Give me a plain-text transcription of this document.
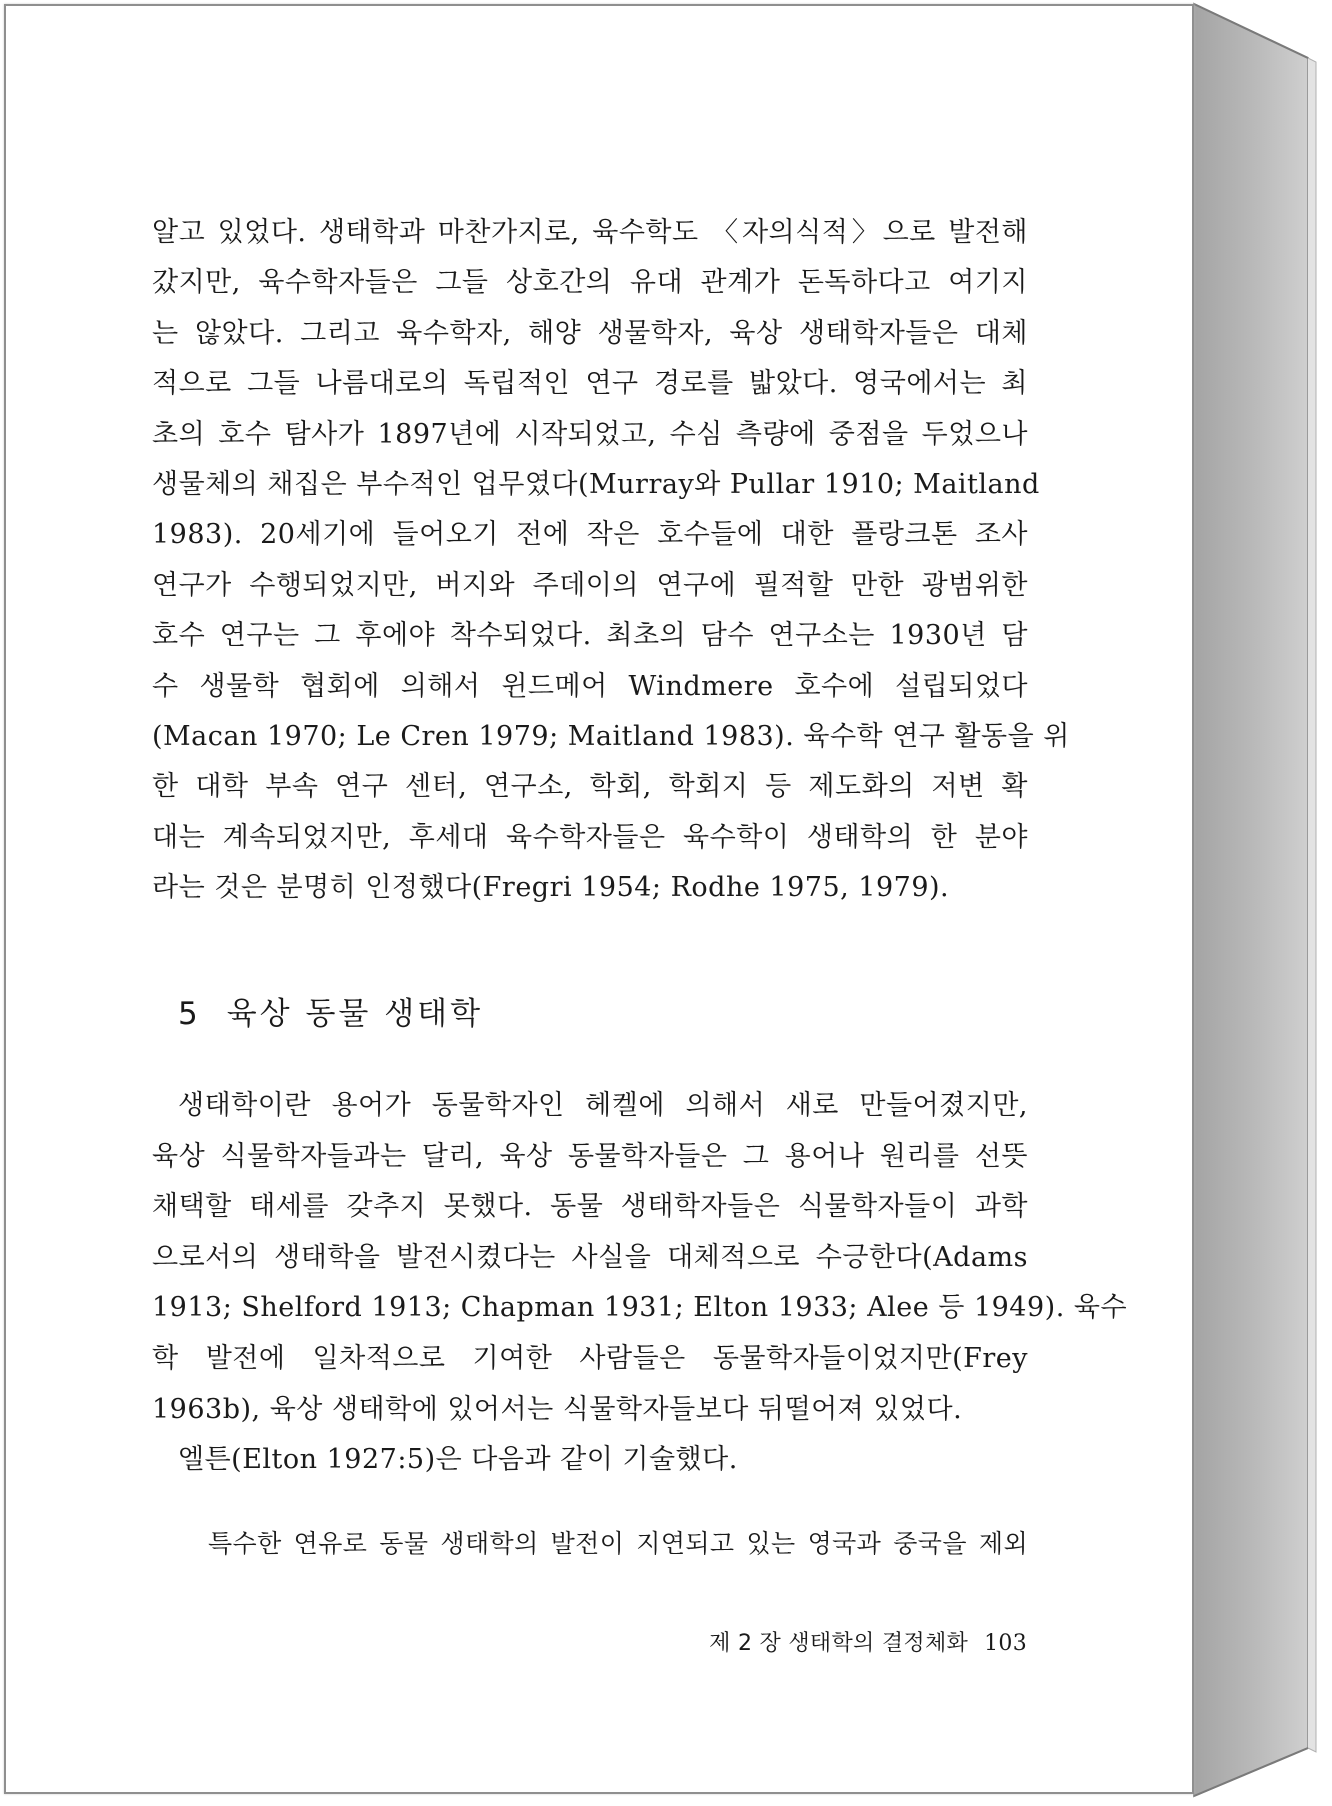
알고 있었다. 생태학과 마찬가지로, 육수학도 〈자의식적〉으로 발전해
갔지만, 육수학자들은 그들 상호간의 유대 관계가 돈독하다고 여기지
는 않았다. 그리고 육수학자, 해양 생물학자, 육상 생태학자들은 대체
적으로 그들 나름대로의 독립적인 연구 경로를 밟았다. 영국에서는 최
초의 호수 탐사가 1897년에 시작되었고, 수심 측량에 중점을 두었으나
생물체의 채집은 부수적인 업무였다(Murray와 Pullar 1910; Maitland
1983). 20세기에 들어오기 전에 작은 호수들에 대한 플랑크톤 조사
연구가 수행되었지만, 버지와 주데이의 연구에 필적할 만한 광범위한
호수 연구는 그 후에야 착수되었다. 최초의 담수 연구소는 1930년 담
수 생물학 협회에 의해서 윈드메어 Windmere 호수에 설립되었다
(Macan 1970; Le Cren 1979; Maitland 1983). 육수학 연구 활동을 위
한 대학 부속 연구 센터, 연구소, 학회, 학회지 등 제도화의 저변 확
대는 계속되었지만, 후세대 육수학자들은 육수학이 생태학의 한 분야
라는 것은 분명히 인정했다(Fregri 1954; Rodhe 1975, 1979).
5 육상 동물 생태학
생태학이란 용어가 동물학자인 헤켈에 의해서 새로 만들어졌지만,
육상 식물학자들과는 달리, 육상 동물학자들은 그 용어나 원리를 선뜻
채택할 태세를 갖추지 못했다. 동물 생태학자들은 식물학자들이 과학
으로서의 생태학을 발전시켰다는 사실을 대체적으로 수긍한다(Adams
1913; Shelford 1913; Chapman 1931; Elton 1933; Alee 등 1949). 육수
학 발전에 일차적으로 기여한 사람들은 동물학자들이었지만(Frey
1963b), 육상 생태학에 있어서는 식물학자들보다 뒤떨어져 있었다.
엘튼(Elton 1927:5)은 다음과 같이 기술했다.
특수한 연유로 동물 생태학의 발전이 지연되고 있는 영국과 중국을 제외
제 2 장 생태학의 결정체화 103
